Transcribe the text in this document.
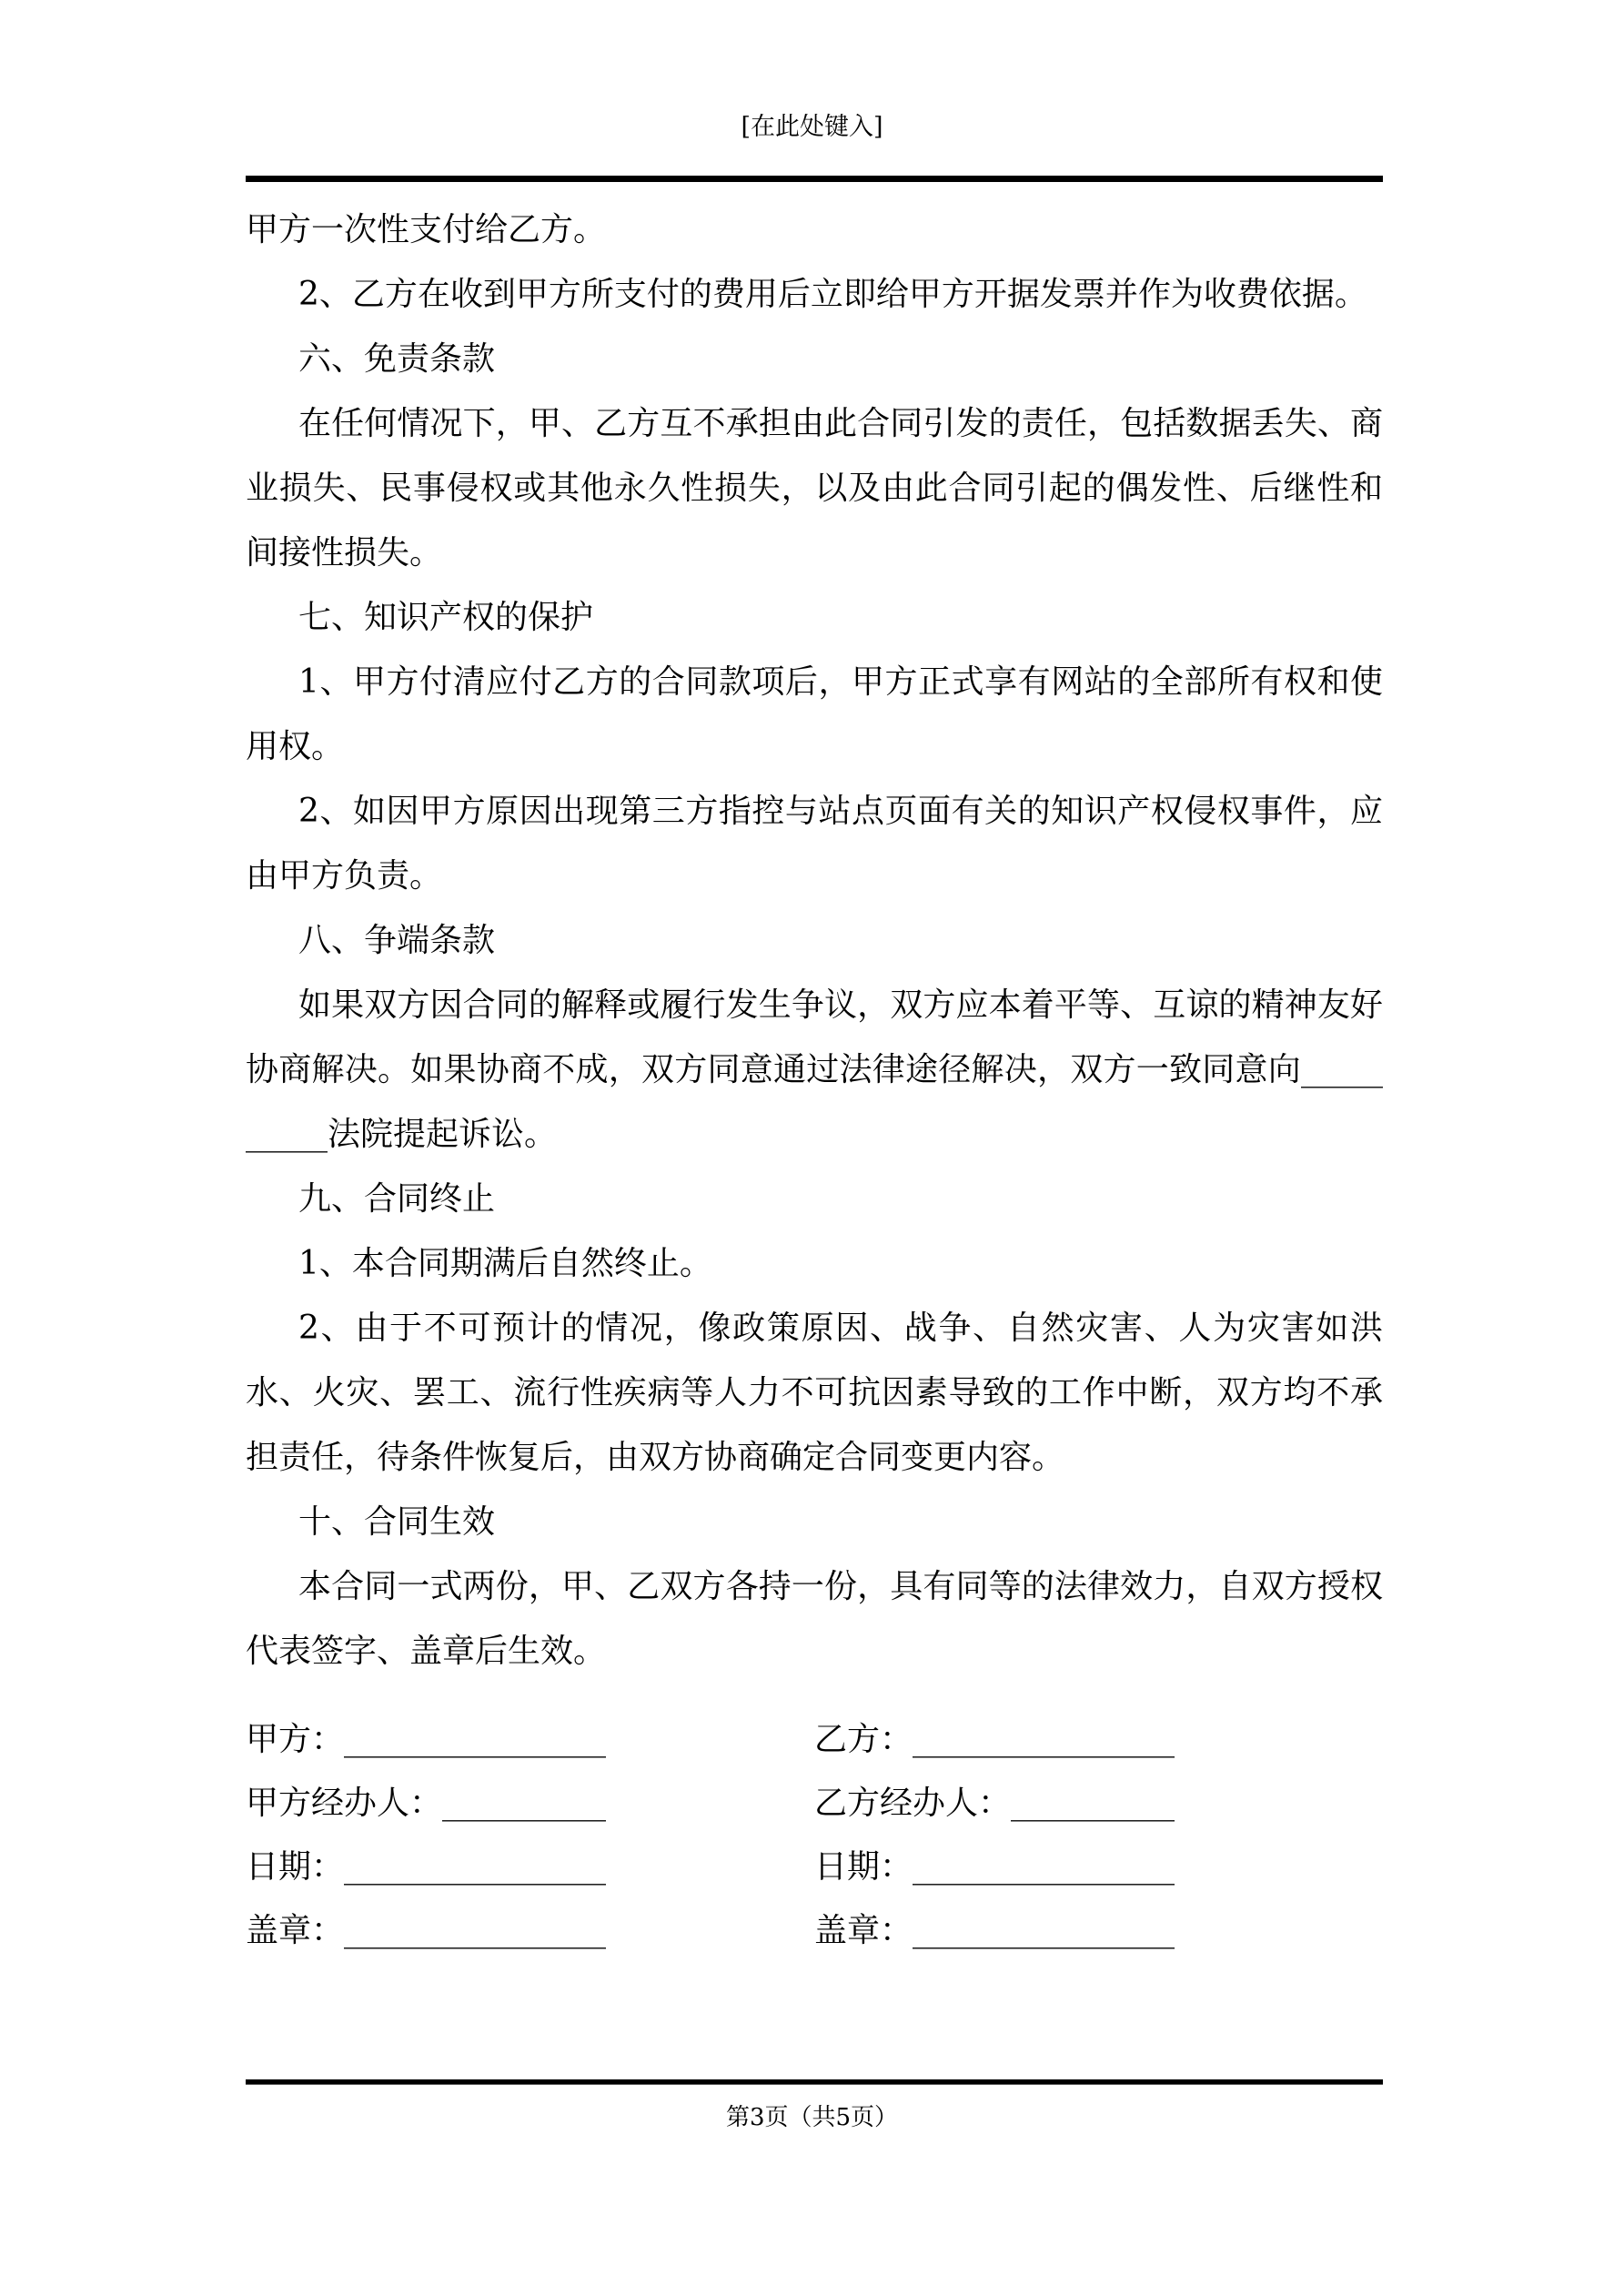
[在此处键入]

甲方一次性支付给乙方。

2、乙方在收到甲方所支付的费用后立即给甲方开据发票并作为收费依据。

六、免责条款

在任何情况下，甲、乙方互不承担由此合同引发的责任，包括数据丢失、商业损失、民事侵权或其他永久性损失，以及由此合同引起的偶发性、后继性和间接性损失。

七、知识产权的保护

1、甲方付清应付乙方的合同款项后，甲方正式享有网站的全部所有权和使用权。

2、如因甲方原因出现第三方指控与站点页面有关的知识产权侵权事件，应由甲方负责。

八、争端条款

如果双方因合同的解释或履行发生争议，双方应本着平等、互谅的精神友好协商解决。如果协商不成，双方同意通过法律途径解决，双方一致同意向__________法院提起诉讼。

九、合同终止

1、本合同期满后自然终止。

2、由于不可预计的情况，像政策原因、战争、自然灾害、人为灾害如洪水、火灾、罢工、流行性疾病等人力不可抗因素导致的工作中断，双方均不承担责任，待条件恢复后，由双方协商确定合同变更内容。

十、合同生效

本合同一式两份，甲、乙双方各持一份，具有同等的法律效力，自双方授权代表签字、盖章后生效。

甲方：________________	乙方：________________
甲方经办人：__________	乙方经办人：__________
日期：________________	日期：________________
盖章：________________	盖章：________________
第3页（共5页）
